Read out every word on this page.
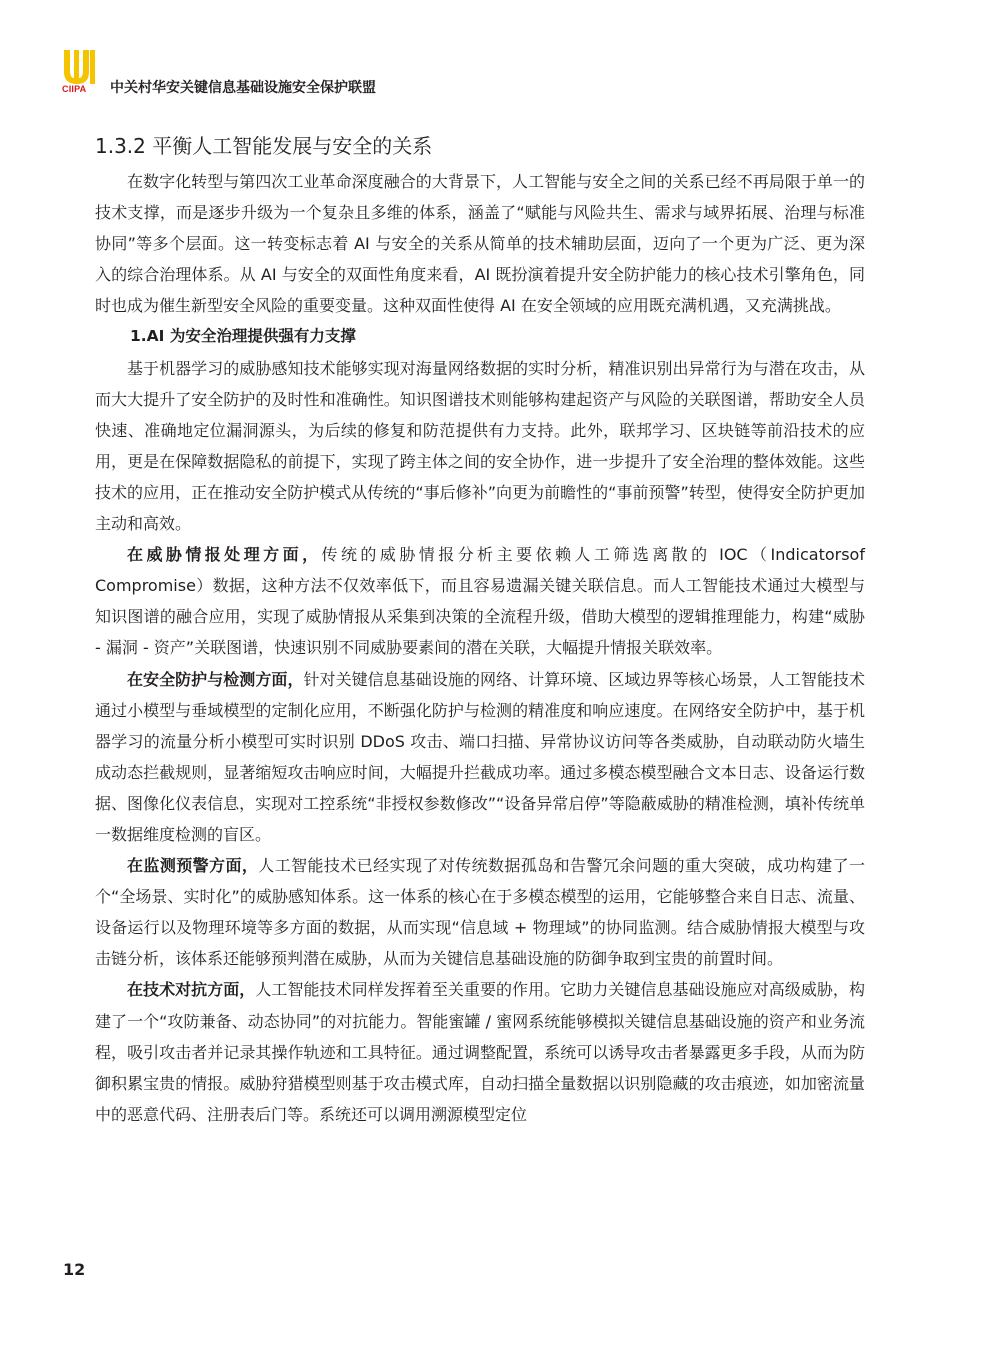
CIIPA 中关村华安关键信息基础设施安全保护联盟
1.3.2 平衡人工智能发展与安全的关系

在数字化转型与第四次工业革命深度融合的大背景下，人工智能与安全之间的关系已经不再局限于单一的技术支撑，而是逐步升级为一个复杂且多维的体系，涵盖了“赋能与风险共生、需求与域界拓展、治理与标准协同”等多个层面。这一转变标志着 AI 与安全的关系从简单的技术辅助层面，迈向了一个更为广泛、更为深入的综合治理体系。从 AI 与安全的双面性角度来看，AI 既扮演着提升安全防护能力的核心技术引擎角色，同时也成为催生新型安全风险的重要变量。这种双面性使得 AI 在安全领域的应用既充满机遇，又充满挑战。

1.AI 为安全治理提供强有力支撑

基于机器学习的威胁感知技术能够实现对海量网络数据的实时分析，精准识别出异常行为与潜在攻击，从而大大提升了安全防护的及时性和准确性。知识图谱技术则能够构建起资产与风险的关联图谱，帮助安全人员快速、准确地定位漏洞源头，为后续的修复和防范提供有力支持。此外，联邦学习、区块链等前沿技术的应用，更是在保障数据隐私的前提下，实现了跨主体之间的安全协作，进一步提升了安全治理的整体效能。这些技术的应用，正在推动安全防护模式从传统的“事后修补”向更为前瞻性的“事前预警”转型，使得安全防护更加主动和高效。

在威胁情报处理方面，传统的威胁情报分析主要依赖人工筛选离散的 IOC（Indicatorsof Compromise）数据，这种方法不仅效率低下，而且容易遗漏关键关联信息。而人工智能技术通过大模型与知识图谱的融合应用，实现了威胁情报从采集到决策的全流程升级，借助大模型的逻辑推理能力，构建“威胁 - 漏洞 - 资产”关联图谱，快速识别不同威胁要素间的潜在关联，大幅提升情报关联效率。

在安全防护与检测方面，针对关键信息基础设施的网络、计算环境、区域边界等核心场景，人工智能技术通过小模型与垂域模型的定制化应用，不断强化防护与检测的精准度和响应速度。在网络安全防护中，基于机器学习的流量分析小模型可实时识别 DDoS 攻击、端口扫描、异常协议访问等各类威胁，自动联动防火墙生成动态拦截规则，显著缩短攻击响应时间，大幅提升拦截成功率。通过多模态模型融合文本日志、设备运行数据、图像化仪表信息，实现对工控系统“非授权参数修改”“设备异常启停”等隐蔽威胁的精准检测，填补传统单一数据维度检测的盲区。

在监测预警方面，人工智能技术已经实现了对传统数据孤岛和告警冗余问题的重大突破，成功构建了一个“全场景、实时化”的威胁感知体系。这一体系的核心在于多模态模型的运用，它能够整合来自日志、流量、设备运行以及物理环境等多方面的数据，从而实现“信息域 + 物理域”的协同监测。结合威胁情报大模型与攻击链分析，该体系还能够预判潜在威胁，从而为关键信息基础设施的防御争取到宝贵的前置时间。

在技术对抗方面，人工智能技术同样发挥着至关重要的作用。它助力关键信息基础设施应对高级威胁，构建了一个“攻防兼备、动态协同”的对抗能力。智能蜜罐 / 蜜网系统能够模拟关键信息基础设施的资产和业务流程，吸引攻击者并记录其操作轨迹和工具特征。通过调整配置，系统可以诱导攻击者暴露更多手段，从而为防御积累宝贵的情报。威胁狩猎模型则基于攻击模式库，自动扫描全量数据以识别隐藏的攻击痕迹，如加密流量中的恶意代码、注册表后门等。系统还可以调用溯源模型定位

12
